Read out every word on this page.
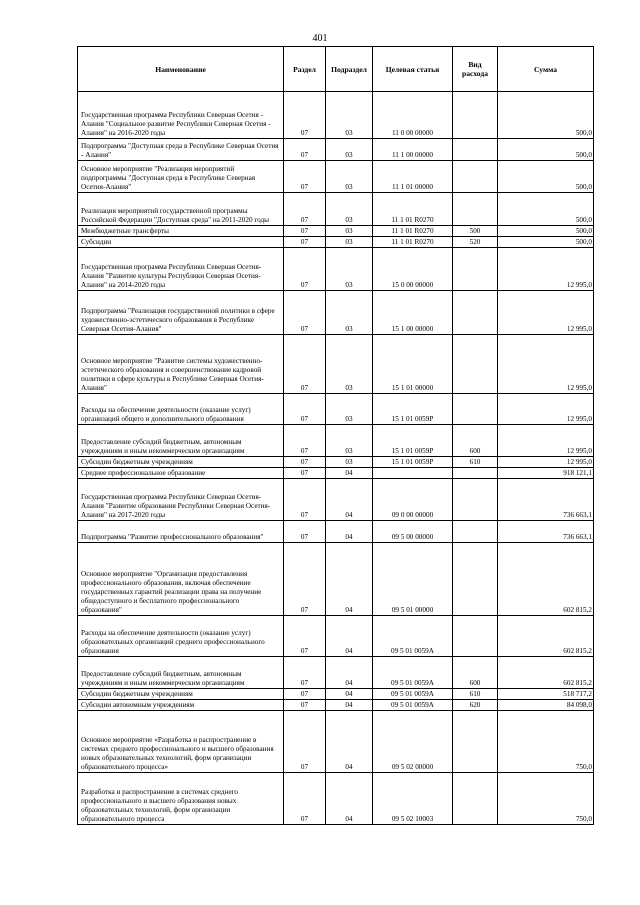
401
Наименование	Раздел	Подраздел	Целевая статья	Вид расхода	Сумма
Государственная программа Республики Северная Осетия - Алания "Социальное развитие Республики Северная Осетия - Алания" на 2016-2020 годы	07	03	11 0 00 00000		500,0
Подпрограмма "Доступная среда в Республике Северная Осетия - Алания"	07	03	11 1 00 00000		500,0
Основное мероприятие "Реализация мероприятий подпрограммы "Доступная среда в Республике Северная Осетия-Алания"	07	03	11 1 01 00000		500,0
Реализация мероприятий государственной программы Российской Федерации "Доступная среда" на 2011-2020 годы	07	03	11 1 01 R0270		500,0
Межбюджетные трансферты	07	03	11 1 01 R0270	500	500,0
Субсидии	07	03	11 1 01 R0270	520	500,0
Государственная программа Республики Северная Осетия-Алания "Развитие культуры Республики Северная Осетия-Алания" на 2014-2020 годы	07	03	15 0 00 00000		12 995,0
Подпрограмма "Реализация государственной политики в сфере художественно-эстетического образования в Республике Северная Осетия-Алания"	07	03	15 1 00 00000		12 995,0
Основное мероприятие "Развитие системы художественно-эстетического образования и совершенствование кадровой политики в сфере культуры в Республике Северная Осетия-Алания"	07	03	15 1 01 00000		12 995,0
Расходы на обеспечение деятельности (оказание услуг) организаций общего и дополнительного образования	07	03	15 1 01 0059Р		12 995,0
Предоставление субсидий бюджетным, автономным учреждениям и иным некоммерческим организациям	07	03	15 1 01 0059Р	600	12 995,0
Субсидии бюджетным учреждениям	07	03	15 1 01 0059Р	610	12 995,0
Среднее профессиональное образование	07	04			918 121,1
Государственная программа Республики Северная Осетия-Алания "Развитие образования Республики Северная Осетия-Алания" на 2017-2020 годы	07	04	09 0 00 00000		736 663,1
Подпрограмма "Развитие профессионального образования"	07	04	09 5 00 00000		736 663,1
Основное мероприятие "Организация предоставления профессионального образования, включая обеспечение государственных гарантий реализации права на получение общедоступного и бесплатного профессионального образования"	07	04	09 5 01 00000		602 815,2
Расходы на обеспечение деятельности (оказание услуг) образовательных организаций среднего профессионального образования	07	04	09 5 01 0059А		602 815,2
Предоставление субсидий бюджетным, автономным учреждениям и иным некоммерческим организациям	07	04	09 5 01 0059А	600	602 815,2
Субсидии бюджетным учреждениям	07	04	09 5 01 0059А	610	518 717,2
Субсидии автономным учреждениям	07	04	09 5 01 0059А	620	84 098,0
Основное мероприятие «Разработка и распространение в системах среднего профессионального и высшего образования новых образовательных технологий, форм организации образовательного процесса»	07	04	09 5 02 00000		750,0
Разработка и распространение в системах среднего профессионального и высшего образования новых образовательных технологий, форм организации образовательного процесса	07	04	09 5 02 10003		750,0
